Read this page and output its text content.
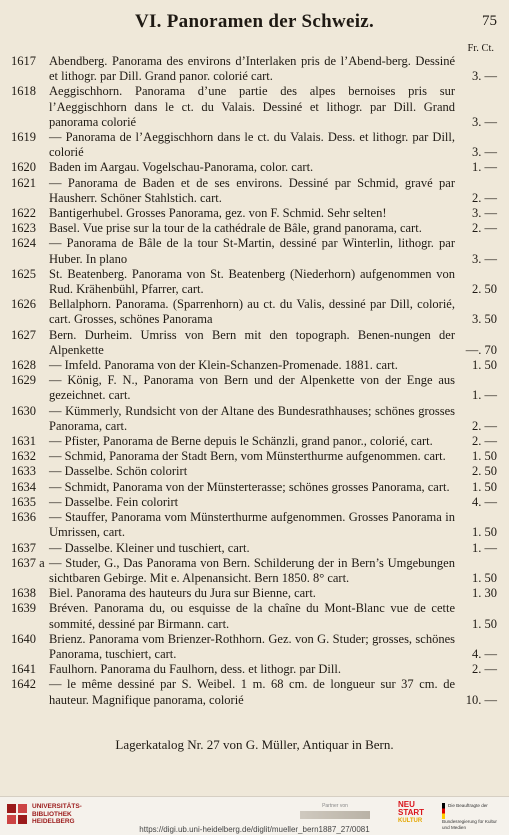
VI. Panoramen der Schweiz.	75
Fr. Ct.
1617	Abendberg. Panorama des environs d’Interlaken pris de l’Abend-berg. Dessiné et lithogr. par Dill. Grand panor. colorié cart.	3. —
1618	Aeggischhorn. Panorama d’une partie des alpes bernoises pris sur l’Aeggischhorn dans le ct. du Valais. Dessiné et lithogr. par Dill. Grand panorama colorié	3. —
1619	— Panorama de l’Aeggischhorn dans le ct. du Valais. Dess. et lithogr. par Dill, colorié	3. —
1620	Baden im Aargau. Vogelschau-Panorama, color. cart.	1. —
1621	— Panorama de Baden et de ses environs. Dessiné par Schmid, gravé par Hausherr. Schöner Stahlstich. cart.	2. —
1622	Bantigerhubel. Grosses Panorama, gez. von F. Schmid. Sehr selten!	3. —
1623	Basel. Vue prise sur la tour de la cathédrale de Bâle, grand panorama, cart.	2. —
1624	— Panorama de Bâle de la tour St-Martin, dessiné par Winterlin, lithogr. par Huber. In plano	3. —
1625	St. Beatenberg. Panorama von St. Beatenberg (Niederhorn) aufgenommen von Rud. Krähenbühl, Pfarrer, cart.	2. 50
1626	Bellalphorn. Panorama. (Sparrenhorn) au ct. du Valis, dessiné par Dill, colorié, cart. Grosses, schönes Panorama	3. 50
1627	Bern. Durheim. Umriss von Bern mit den topograph. Benen-nungen der Alpenkette	—. 70
1628	— Imfeld. Panorama von der Klein-Schanzen-Promenade. 1881. cart.	1. 50
1629	— König, F. N., Panorama von Bern und der Alpenkette von der Enge aus gezeichnet. cart.	1. —
1630	— Kümmerly, Rundsicht von der Altane des Bundesrathhauses; schönes grosses Panorama, cart.	2. —
1631	— Pfister, Panorama de Berne depuis le Schänzli, grand panor., colorié, cart.	2. —
1632	— Schmid, Panorama der Stadt Bern, vom Münsterthurme aufgenommen. cart.	1. 50
1633	— Dasselbe. Schön colorirt	2. 50
1634	— Schmidt, Panorama von der Münsterterasse; schönes grosses Panorama, cart.	1. 50
1635	— Dasselbe. Fein colorirt	4. —
1636	— Stauffer, Panorama vom Münsterthurme aufgenommen. Grosses Panorama in Umrissen, cart.	1. 50
1637	— Dasselbe. Kleiner und tuschiert, cart.	1. —
1637 a — Studer, G., Das Panorama von Bern. Schilderung der in Bern’s Umgebungen sichtbaren Gebirge. Mit e. Alpenansicht. Bern 1850. 8° cart.	1. 50
1638	Biel. Panorama des hauteurs du Jura sur Bienne, cart.	1. 30
1639	Bréven. Panorama du, ou esquisse de la chaîne du Mont-Blanc vue de cette sommité, dessiné par Birmann. cart.	1. 50
1640	Brienz. Panorama vom Brienzer-Rothhorn. Gez. von G. Studer; grosses, schönes Panorama, tuschiert, cart.	4. —
1641	Faulhorn. Panorama du Faulhorn, dess. et lithogr. par Dill.	2. —
1642	— le même dessiné par S. Weibel. 1 m. 68 cm. de longueur sur 37 cm. de hauteur. Magnifique panorama, colorié	10. —
Lagerkatalog Nr. 27 von G. Müller, Antiquar in Bern.
UNIVERSITÄTS-
BIBLIOTHEK
HEIDELBERG
Partner von	NEU
START
KULTUR
Die Beauftragte der Bundesregierung für Kultur und Medien
https://digi.ub.uni-heidelberg.de/diglit/mueller_bern1887_27/0081
